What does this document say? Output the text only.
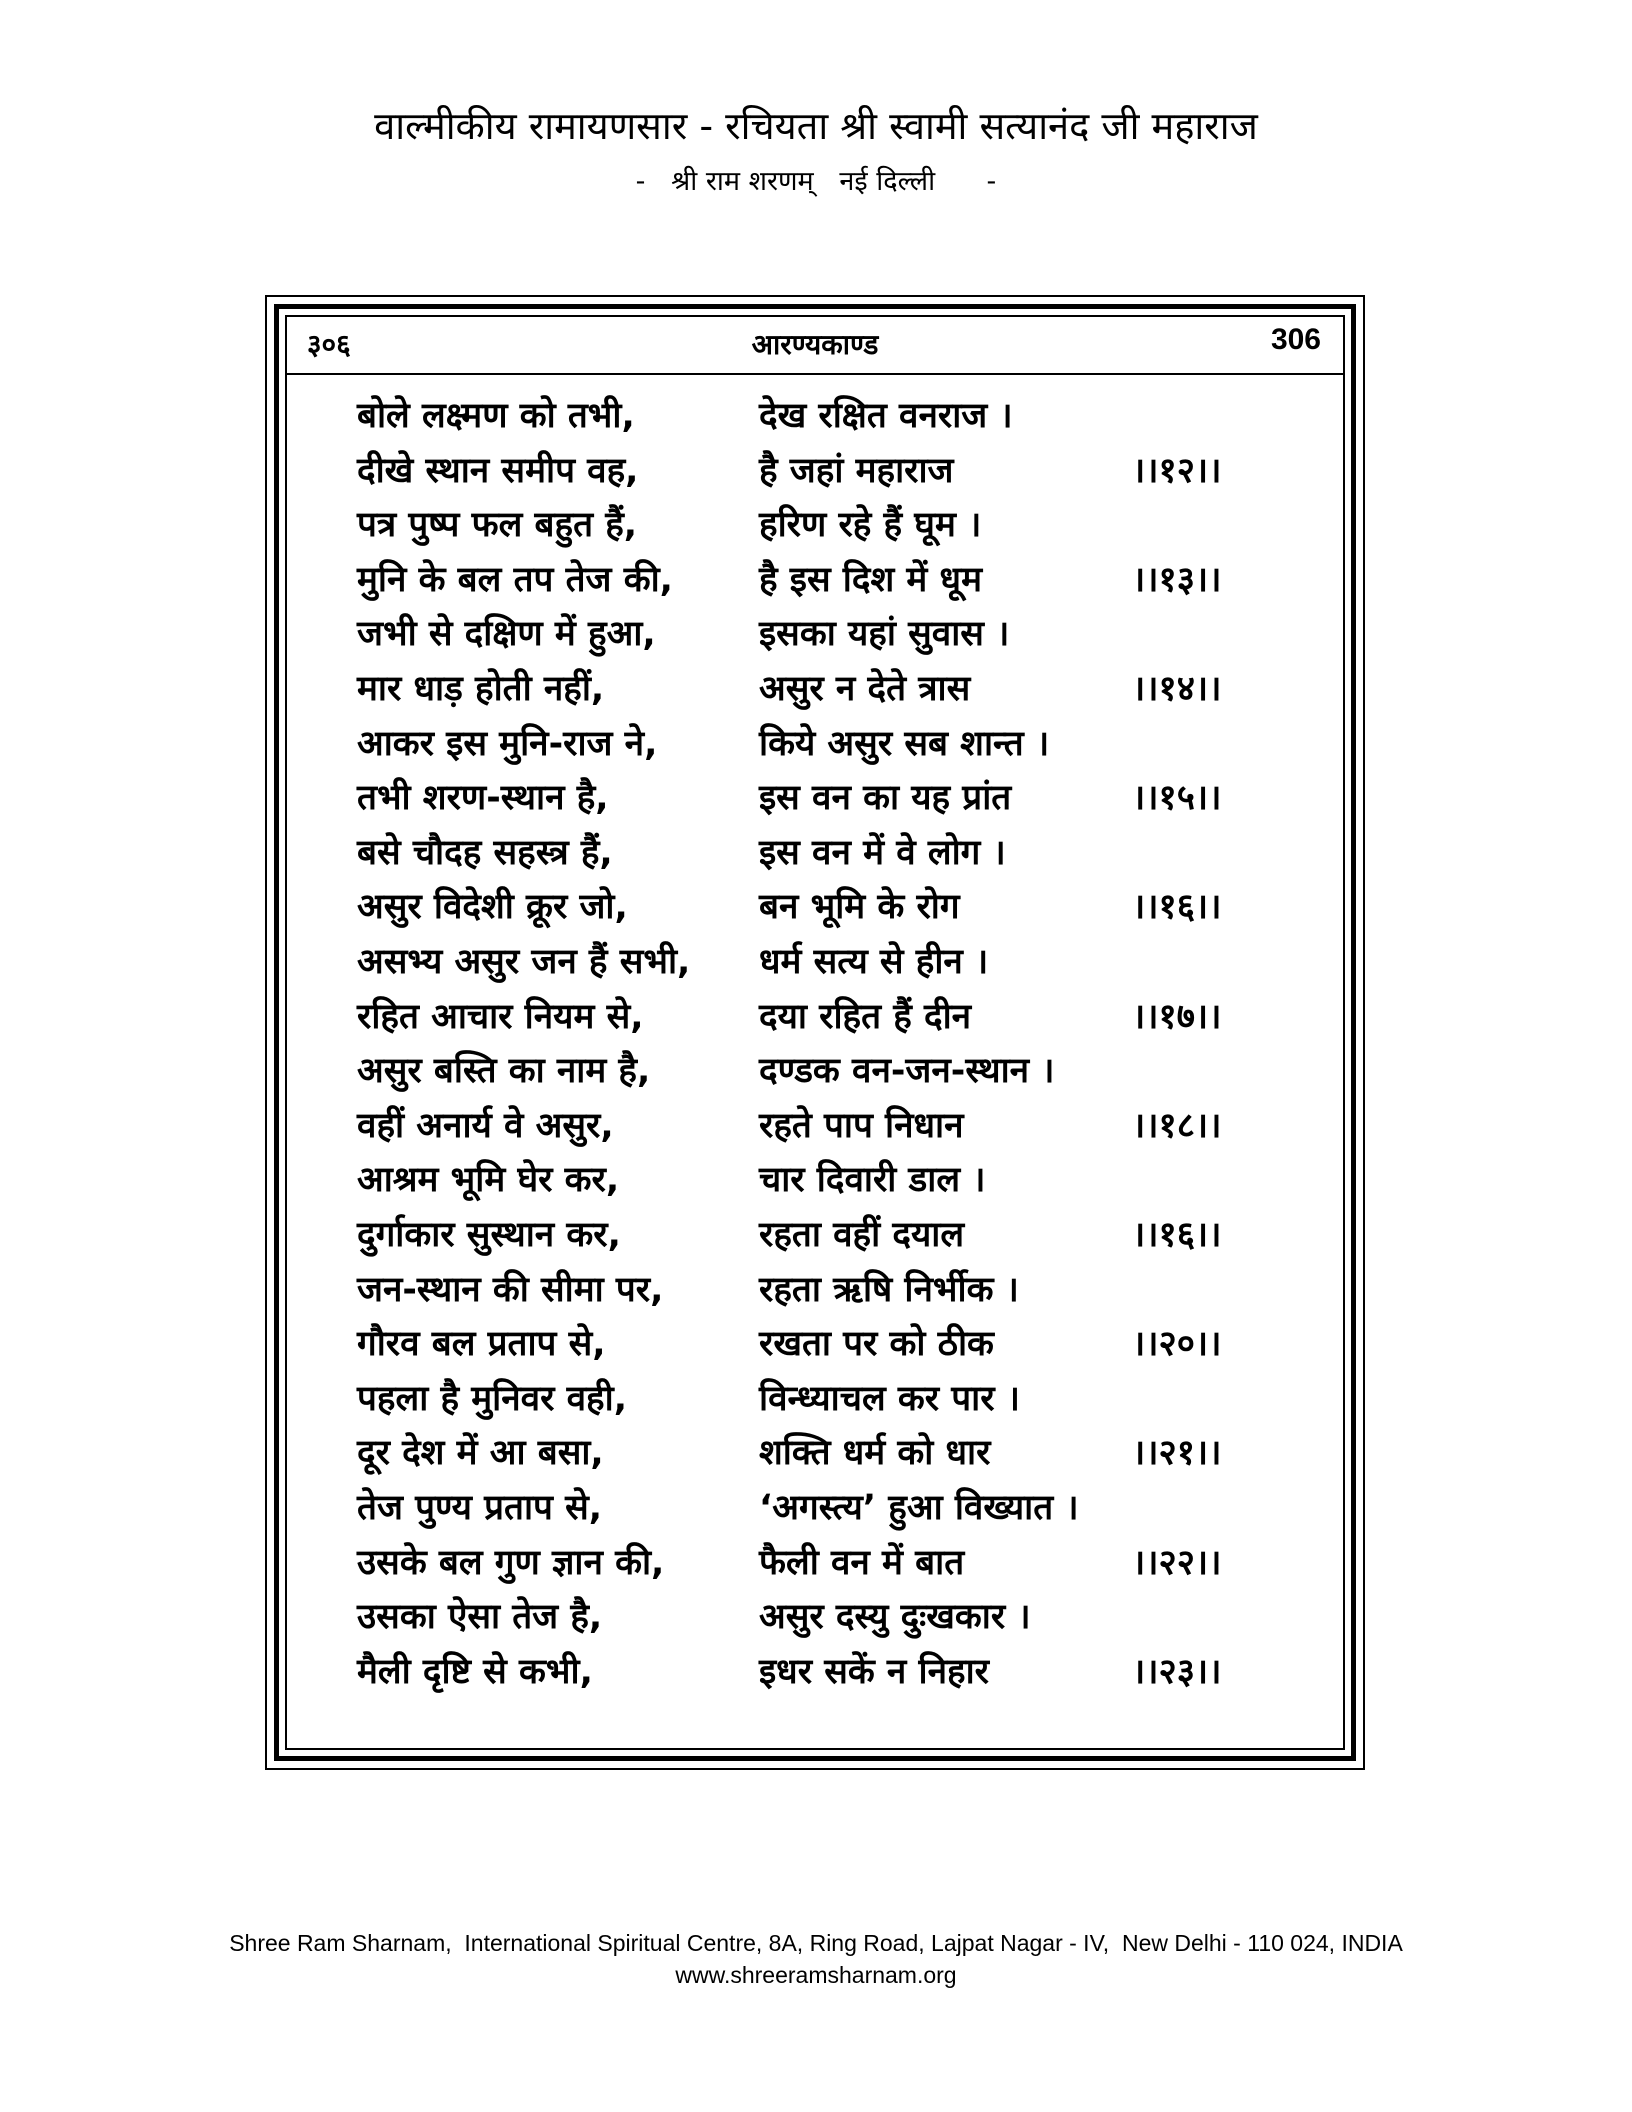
वाल्मीकीय रामायणसार - रचियता श्री स्वामी सत्यानंद जी महाराज
-   श्री राम शरणम्   नई दिल्ली      -
३०६	आरण्यकाण्ड	306
बोले लक्ष्मण को तभी,	देख रक्षित वनराज ।
दीखे स्थान समीप वह,	है जहां महाराज	।।१२।।
पत्र पुष्प फल बहुत हैं,	हरिण रहे हैं घूम ।
मुनि के बल तप तेज की,	है इस दिश में धूम	।।१३।।
जभी से दक्षिण में हुआ,	इसका यहां सुवास ।
मार धाड़ होती नहीं,	असुर न देते त्रास	।।१४।।
आकर इस मुनि-राज ने,	किये असुर सब शान्त ।
तभी शरण-स्थान है,	इस वन का यह प्रांत	।।१५।।
बसे चौदह सहस्त्र हैं,	इस वन में वे लोग ।
असुर विदेशी क्रूर जो,	बन भूमि के रोग	।।१६।।
असभ्य असुर जन हैं सभी,	धर्म सत्य से हीन ।
रहित आचार नियम से,	दया रहित हैं दीन	।।१७।।
असुर बस्ति का नाम है,	दण्डक वन-जन-स्थान ।
वहीं अनार्य वे असुर,	रहते पाप निधान	।।१८।।
आश्रम भूमि घेर कर,	चार दिवारी डाल ।
दुर्गाकार सुस्थान कर,	रहता वहीं दयाल	।।१६।।
जन-स्थान की सीमा पर,	रहता ऋषि निर्भीक ।
गौरव बल प्रताप से,	रखता पर को ठीक	।।२०।।
पहला है मुनिवर वही,	विन्ध्याचल कर पार ।
दूर देश में आ बसा,	शक्ति धर्म को धार	।।२१।।
तेज पुण्य प्रताप से,	‘अगस्त्य’ हुआ विख्यात ।
उसके बल गुण ज्ञान की,	फैली वन में बात	।।२२।।
उसका ऐसा तेज है,	असुर दस्यु दुःखकार ।
मैली दृष्टि से कभी,	इधर सकें न निहार	।।२३।।
Shree Ram Sharnam,  International Spiritual Centre, 8A, Ring Road, Lajpat Nagar - IV,  New Delhi - 110 024, INDIA
www.shreeramsharnam.org
